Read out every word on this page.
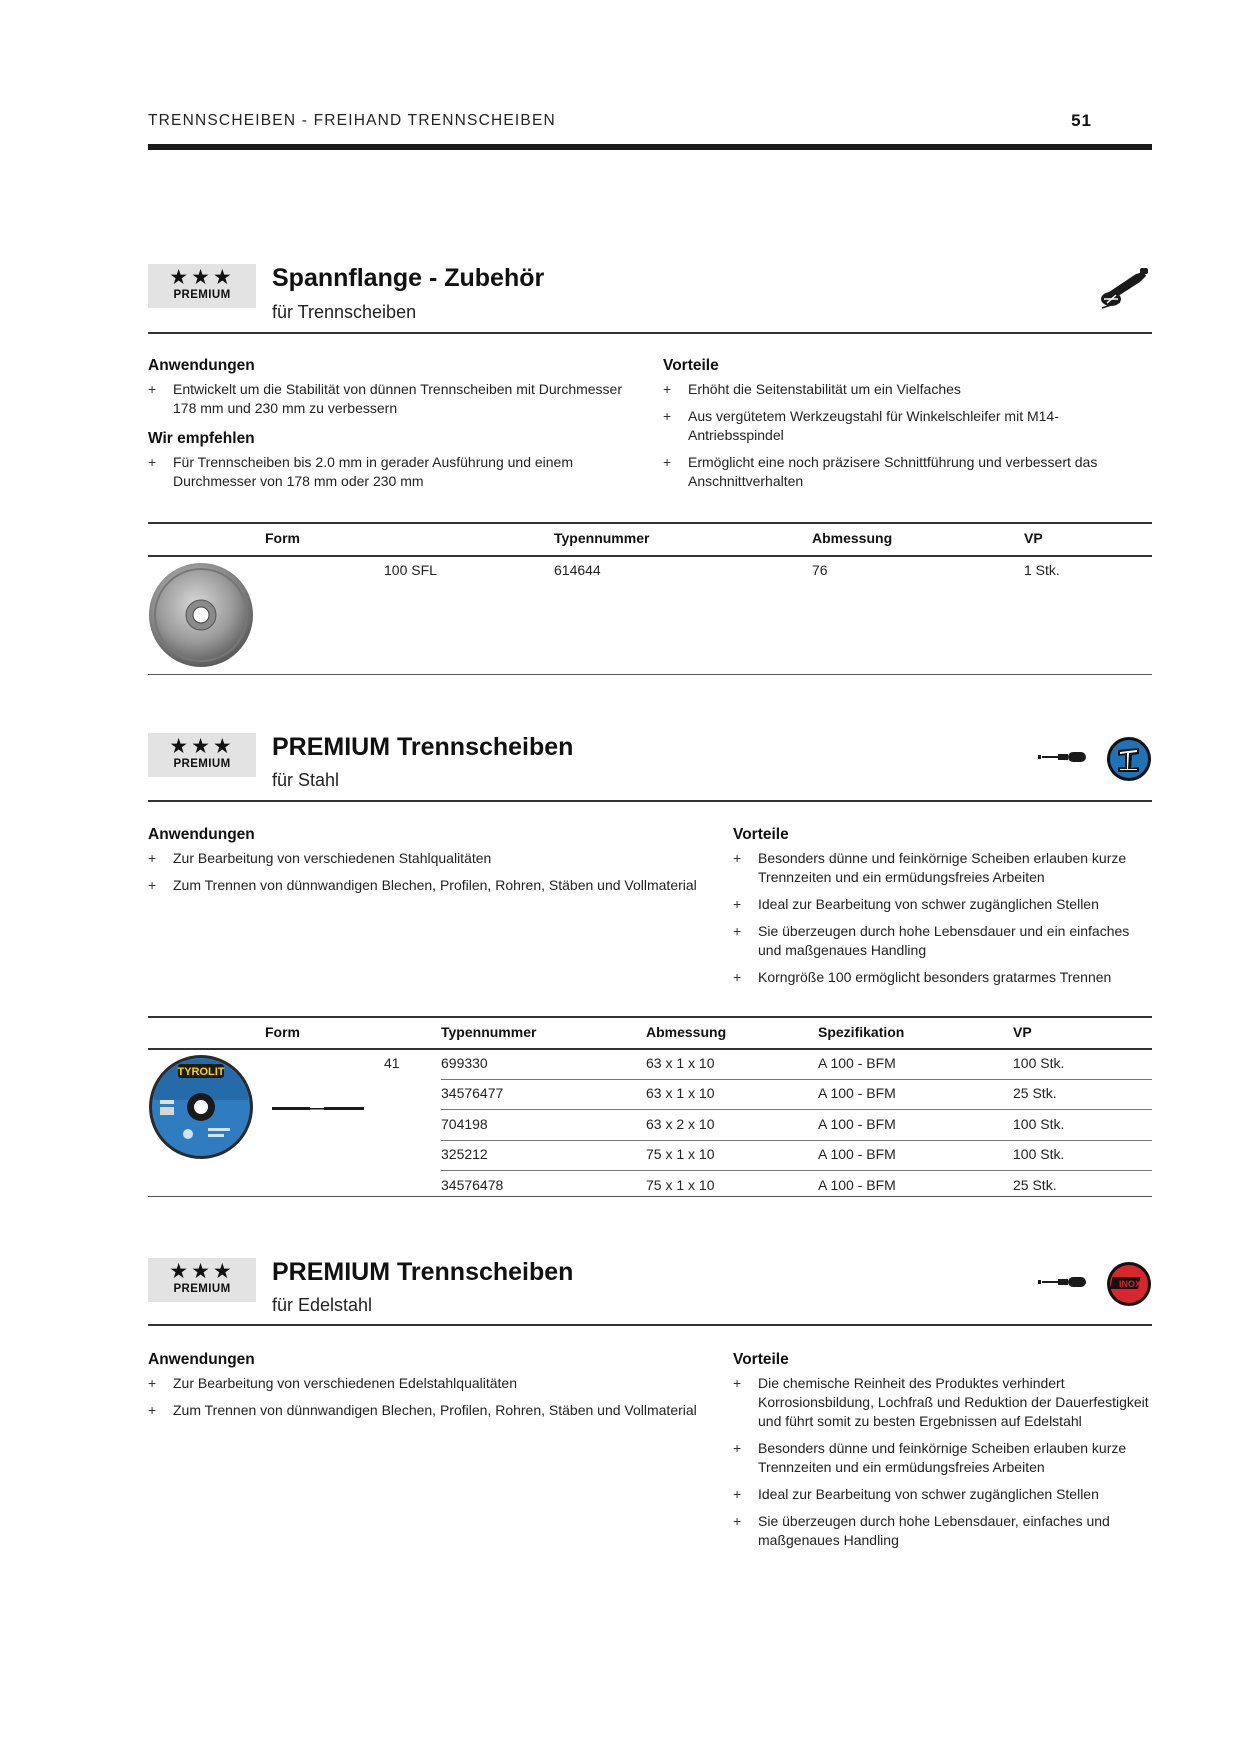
TRENNSCHEIBEN - FREIHAND TRENNSCHEIBEN	51
★★★
PREMIUM
Spannflange - Zubehör
für Trennscheiben
Anwendungen
+ Entwickelt um die Stabilität von dünnen Trennscheiben mit Durchmesser 178 mm und 230 mm zu verbessern
Wir empfehlen
+ Für Trennscheiben bis 2.0 mm in gerader Ausführung und einem Durchmesser von 178 mm oder 230 mm
Vorteile
+ Erhöht die Seitenstabilität um ein Vielfaches
+ Aus vergütetem Werkzeugstahl für Winkelschleifer mit M14-Antriebsspindel
+ Ermöglicht eine noch präzisere Schnittführung und verbessert das Anschnittverhalten
Form	Typennummer	Abmessung	VP
100 SFL	614644	76	1 Stk.
★★★
PREMIUM
PREMIUM Trennscheiben
für Stahl
Anwendungen
+ Zur Bearbeitung von verschiedenen Stahlqualitäten
+ Zum Trennen von dünnwandigen Blechen, Profilen, Rohren, Stäben und Vollmaterial
Vorteile
+ Besonders dünne und feinkörnige Scheiben erlauben kurze Trennzeiten und ein ermüdungsfreies Arbeiten
+ Ideal zur Bearbeitung von schwer zugänglichen Stellen
+ Sie überzeugen durch hohe Lebensdauer und ein einfaches und maßgenaues Handling
+ Korngröße 100 ermöglicht besonders gratarmes Trennen
Form	Typennummer	Abmessung	Spezifikation	VP
TYROLIT
41	699330	63 x 1 x 10	A 100 - BFM	100 Stk.
34576477	63 x 1 x 10	A 100 - BFM	25 Stk.
704198	63 x 2 x 10	A 100 - BFM	100 Stk.
325212	75 x 1 x 10	A 100 - BFM	100 Stk.
34576478	75 x 1 x 10	A 100 - BFM	25 Stk.
★★★
PREMIUM
PREMIUM Trennscheiben
für Edelstahl
INOX
Anwendungen
+ Zur Bearbeitung von verschiedenen Edelstahlqualitäten
+ Zum Trennen von dünnwandigen Blechen, Profilen, Rohren, Stäben und Vollmaterial
Vorteile
+ Die chemische Reinheit des Produktes verhindert Korrosionsbildung, Lochfraß und Reduktion der Dauerfestigkeit und führt somit zu besten Ergebnissen auf Edelstahl
+ Besonders dünne und feinkörnige Scheiben erlauben kurze Trennzeiten und ein ermüdungsfreies Arbeiten
+ Ideal zur Bearbeitung von schwer zugänglichen Stellen
+ Sie überzeugen durch hohe Lebensdauer, einfaches und maßgenaues Handling
